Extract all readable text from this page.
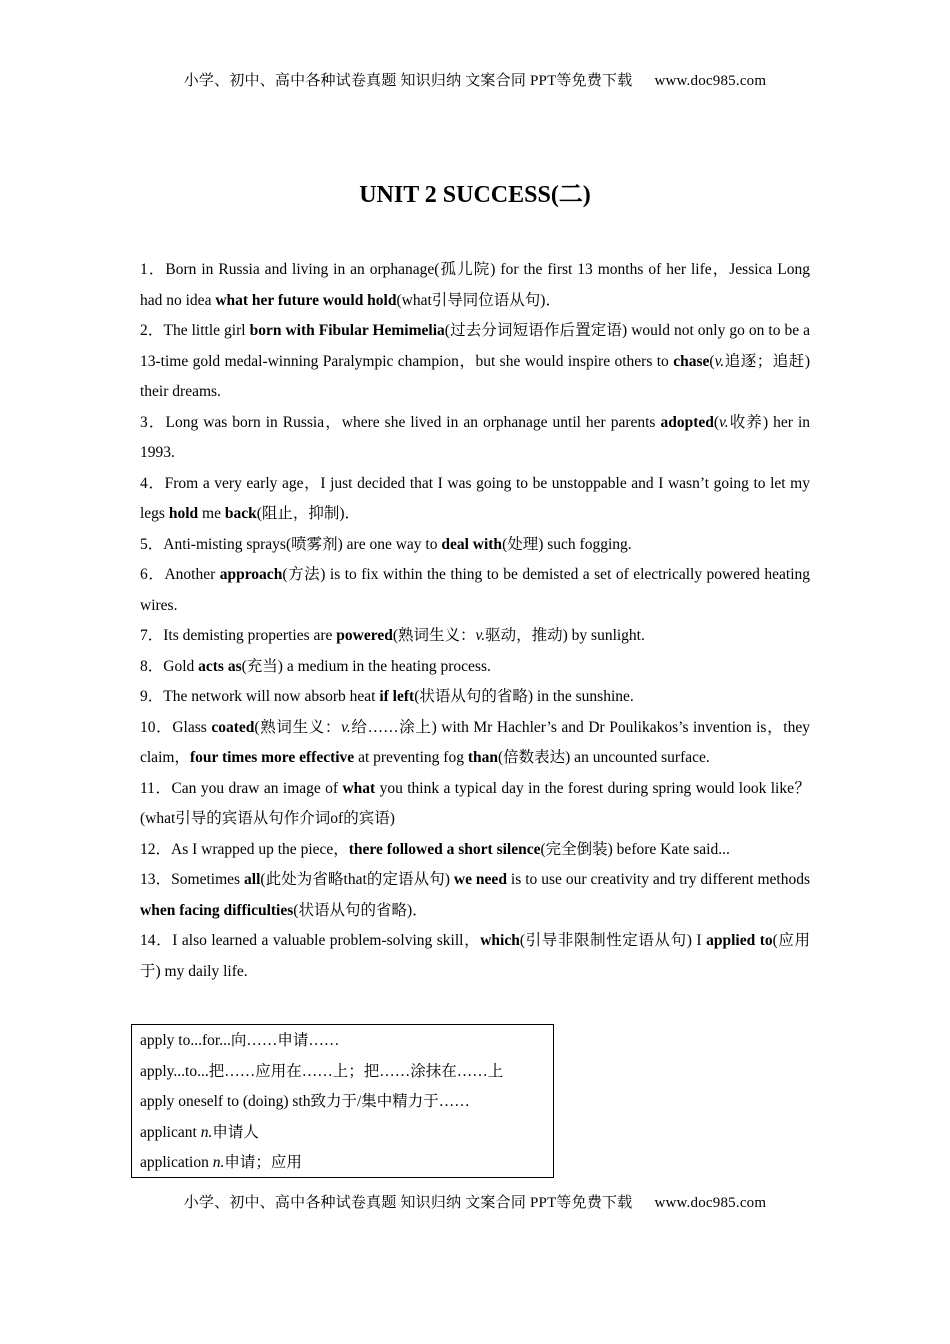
小学、初中、高中各种试卷真题 知识归纳 文案合同 PPT等免费下载 www.doc985.com
UNIT 2 SUCCESS(二)

1．Born in Russia and living in an orphanage(孤儿院) for the first 13 months of her life，Jessica Long had no idea what her future would hold(what引导同位语从句)．

2．The little girl born with Fibular Hemimelia(过去分词短语作后置定语) would not only go on to be a 13-time gold medal-winning Paralympic champion，but she would inspire others to chase(v.追逐；追赶) their dreams.

3．Long was born in Russia，where she lived in an orphanage until her parents adopted(v.收养) her in 1993.

4．From a very early age，I just decided that I was going to be unstoppable and I wasn’t going to let my legs hold me back(阻止，抑制)．

5．Anti-misting sprays(喷雾剂) are one way to deal with(处理) such fogging.

6．Another approach(方法) is to fix within the thing to be demisted a set of electrically powered heating wires.

7．Its demisting properties are powered(熟词生义：v.驱动，推动) by sunlight.

8．Gold acts as(充当) a medium in the heating process.

9．The network will now absorb heat if left(状语从句的省略) in the sunshine.

10．Glass coated(熟词生义：v.给……涂上) with Mr Hachler’s and Dr Poulikakos’s invention is，they claim，four times more effective at preventing fog than(倍数表达) an uncounted surface.

11．Can you draw an image of what you think a typical day in the forest during spring would look like？(what引导的宾语从句作介词of的宾语)

12．As I wrapped up the piece，there followed a short silence(完全倒装) before Kate said...

13．Sometimes all(此处为省略that的定语从句) we need is to use our creativity and try different methods when facing difficulties(状语从句的省略)．

14．I also learned a valuable problem-solving skill，which(引导非限制性定语从句) I applied to(应用于) my daily life.

apply to...for...向……申请……
apply...to...把……应用在……上；把……涂抹在……上
apply oneself to (doing) sth致力于/集中精力于……
applicant n.申请人
application n.申请；应用
小学、初中、高中各种试卷真题 知识归纳 文案合同 PPT等免费下载 www.doc985.com
